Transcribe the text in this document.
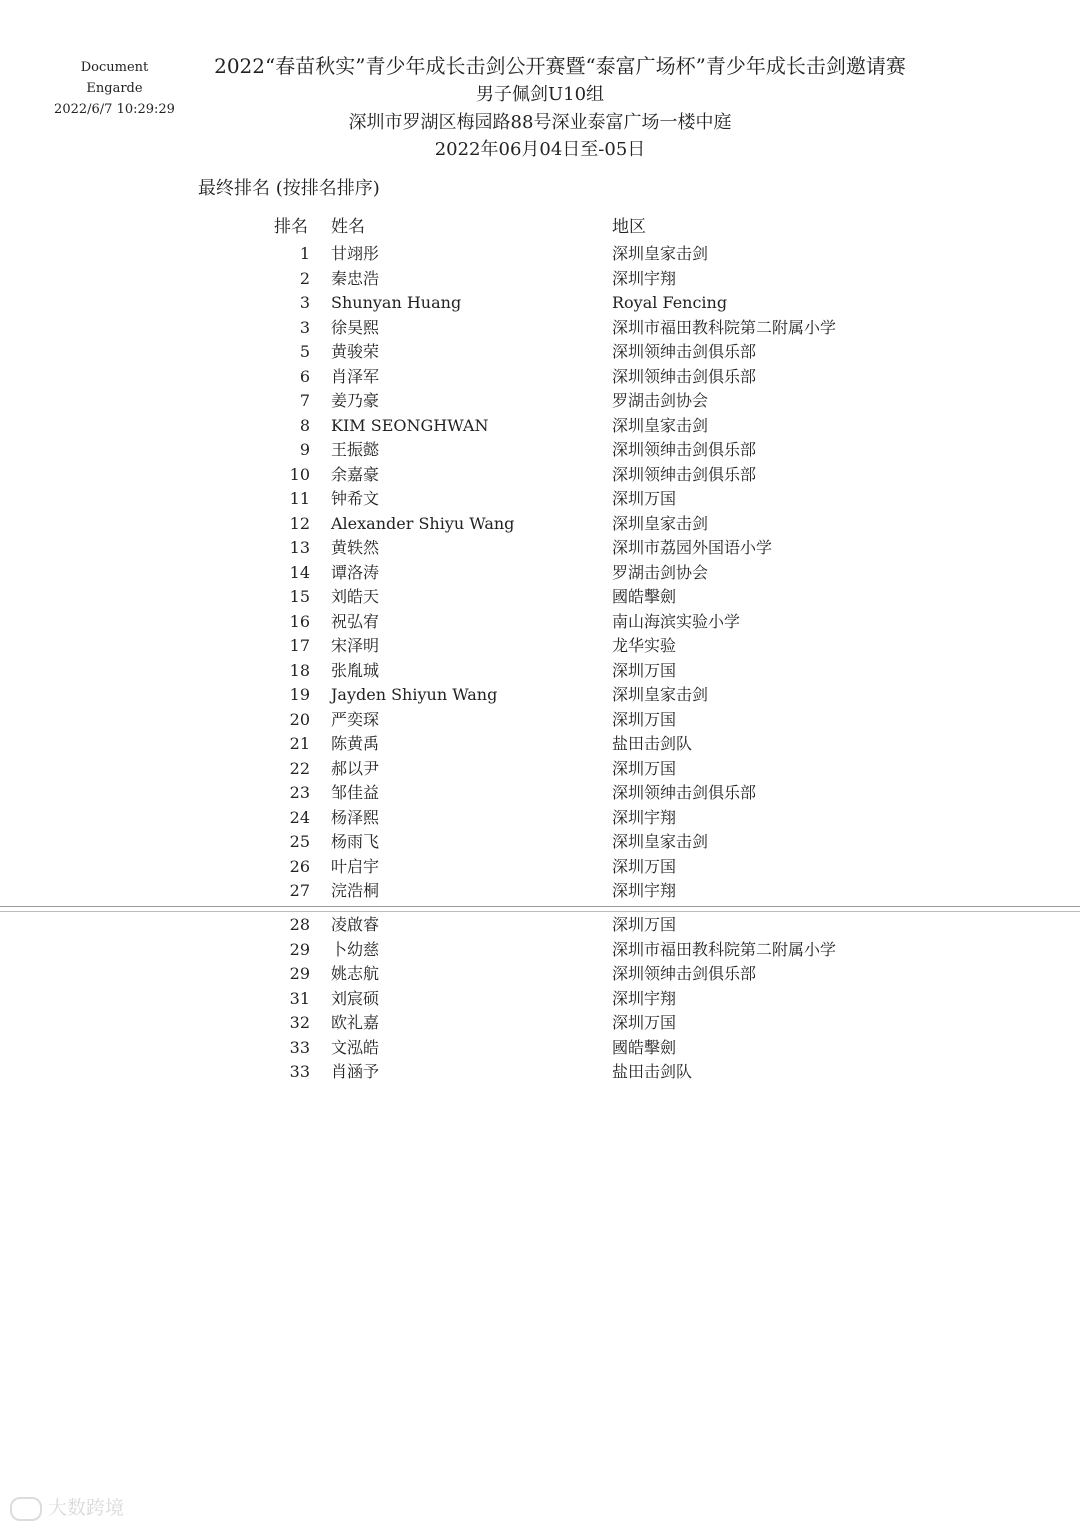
Document Engarde
2022/6/7 10:29:29
2022“春苗秋实”青少年成长击剑公开赛暨“泰富广场杯”青少年成长击剑邀请赛
男子佩剑U10组
深圳市罗湖区梅园路88号深业泰富广场一楼中庭
2022年06月04日至-05日
最终排名 (按排名排序)
排名 姓名	地区
1 甘翊彤	深圳皇家击剑
2 秦忠浩	深圳宇翔
3 Shunyan Huang	Royal Fencing
3 徐昊熙	深圳市福田教科院第二附属小学
5 黄骏荣	深圳领绅击剑俱乐部
6 肖泽军	深圳领绅击剑俱乐部
7 姜乃豪	罗湖击剑协会
8 KIM SEONGHWAN	深圳皇家击剑
9 王振懿	深圳领绅击剑俱乐部
10 余嘉豪	深圳领绅击剑俱乐部
11 钟希文	深圳万国
12 Alexander Shiyu Wang	深圳皇家击剑
13 黄轶然	深圳市荔园外国语小学
14 谭洛涛	罗湖击剑协会
15 刘皓天	國皓擊劍
16 祝弘宥	南山海滨实验小学
17 宋泽明	龙华实验
18 张胤珹	深圳万国
19 Jayden Shiyun Wang	深圳皇家击剑
20 严奕琛	深圳万国
21 陈黄禹	盐田击剑队
22 郝以尹	深圳万国
23 邹佳益	深圳领绅击剑俱乐部
24 杨泽熙	深圳宇翔
25 杨雨飞	深圳皇家击剑
26 叶启宇	深圳万国
27 浣浩桐	深圳宇翔
28 凌啟睿	深圳万国
29 卜幼慈	深圳市福田教科院第二附属小学
29 姚志航	深圳领绅击剑俱乐部
31 刘宸硕	深圳宇翔
32 欧礼嘉	深圳万国
33 文泓皓	國皓擊劍
33 肖涵予	盐田击剑队
大数跨境
